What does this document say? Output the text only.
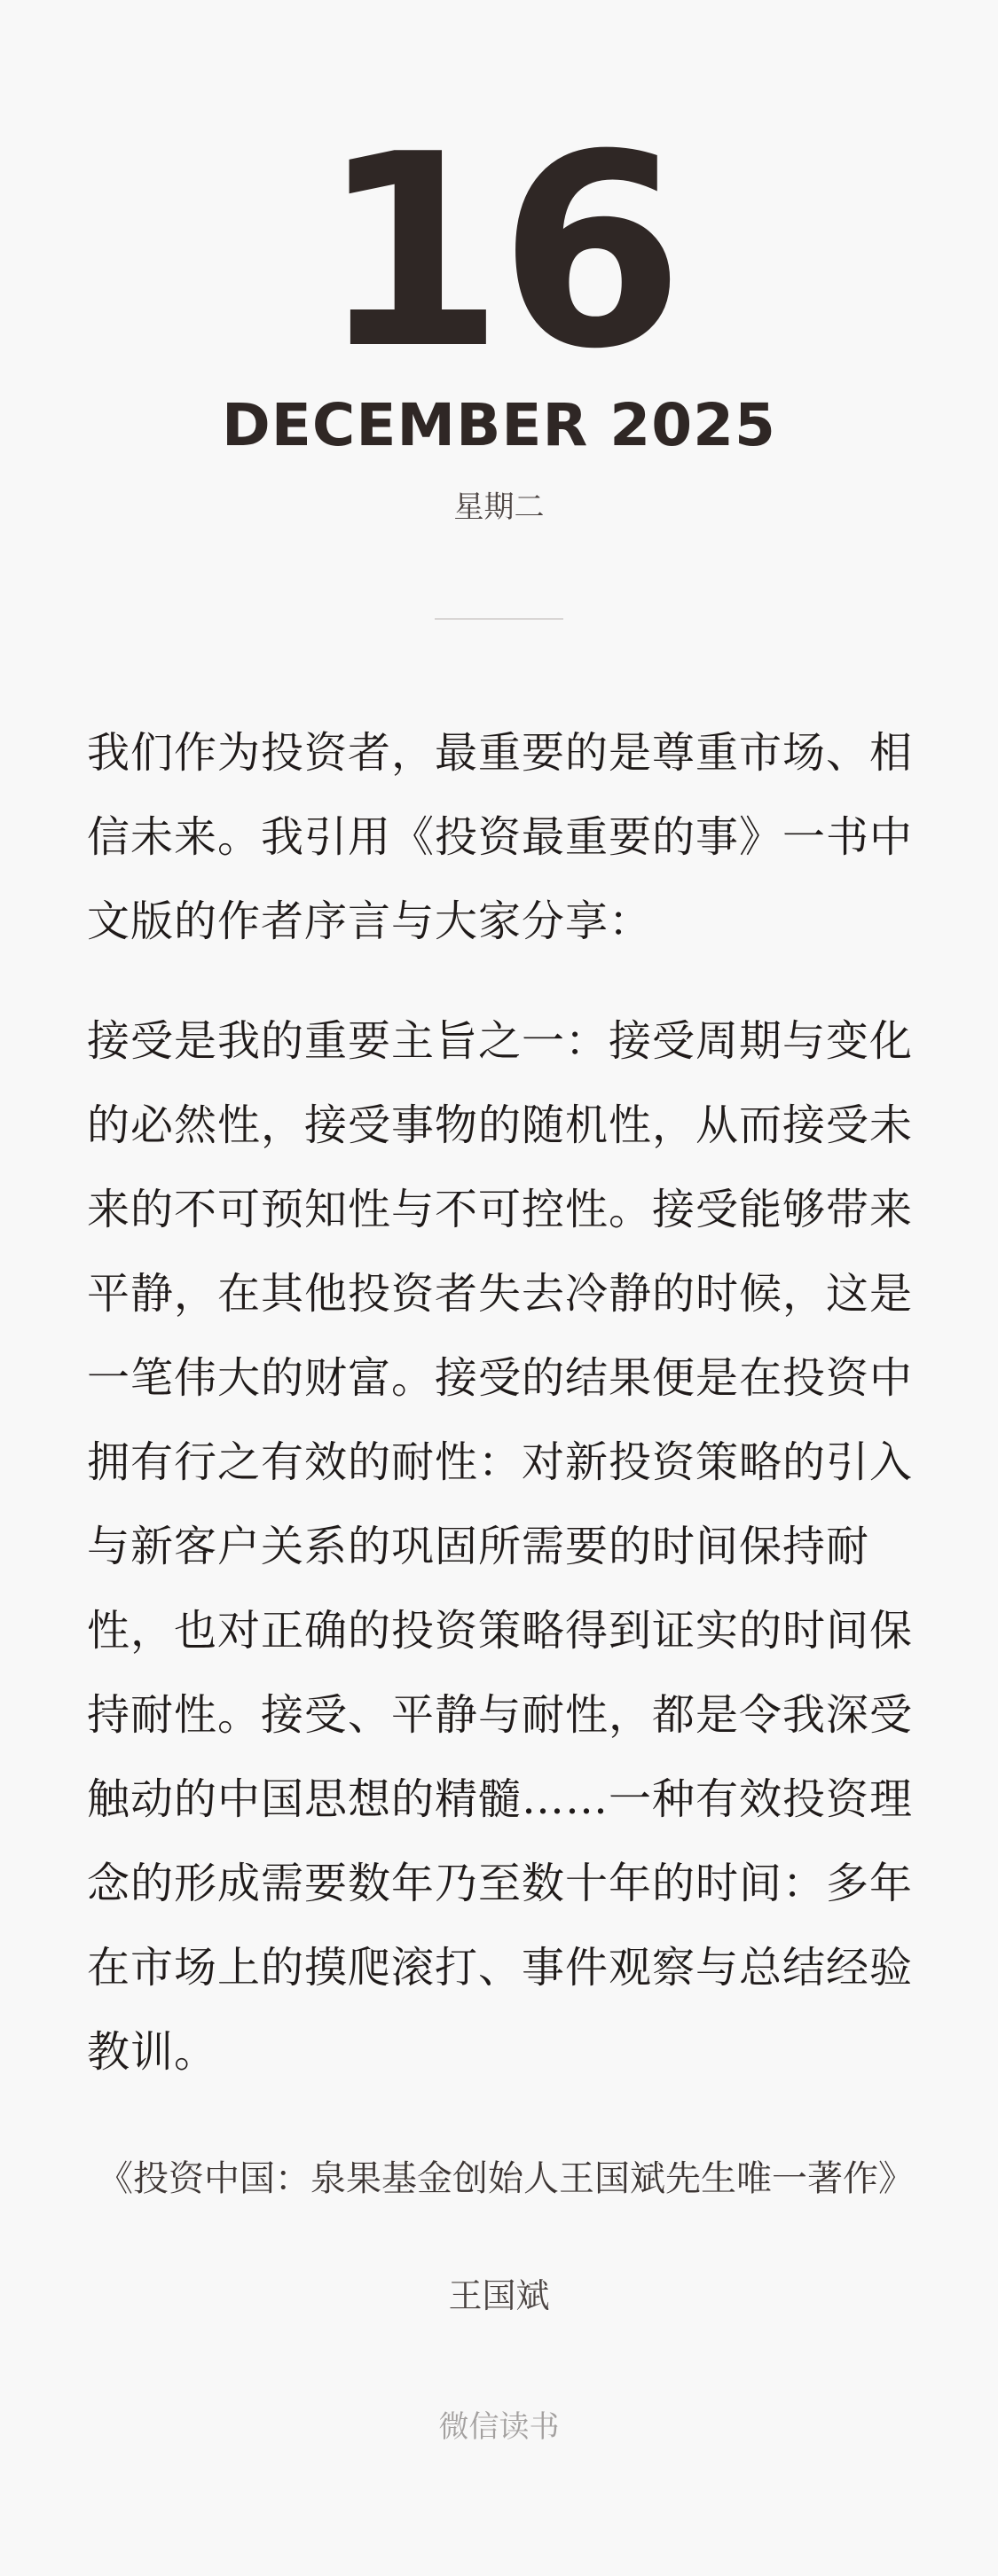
16
DECEMBER 2025
星期二

我们作为投资者，最重要的是尊重市场、相信未来。我引用《投资最重要的事》一书中文版的作者序言与大家分享：

接受是我的重要主旨之一：接受周期与变化的必然性，接受事物的随机性，从而接受未来的不可预知性与不可控性。接受能够带来平静，在其他投资者失去冷静的时候，这是一笔伟大的财富。接受的结果便是在投资中拥有行之有效的耐性：对新投资策略的引入与新客户关系的巩固所需要的时间保持耐性，也对正确的投资策略得到证实的时间保持耐性。接受、平静与耐性，都是令我深受触动的中国思想的精髓……一种有效投资理念的形成需要数年乃至数十年的时间：多年在市场上的摸爬滚打、事件观察与总结经验教训。

《投资中国：泉果基金创始人王国斌先生唯一著作》
王国斌
微信读书
